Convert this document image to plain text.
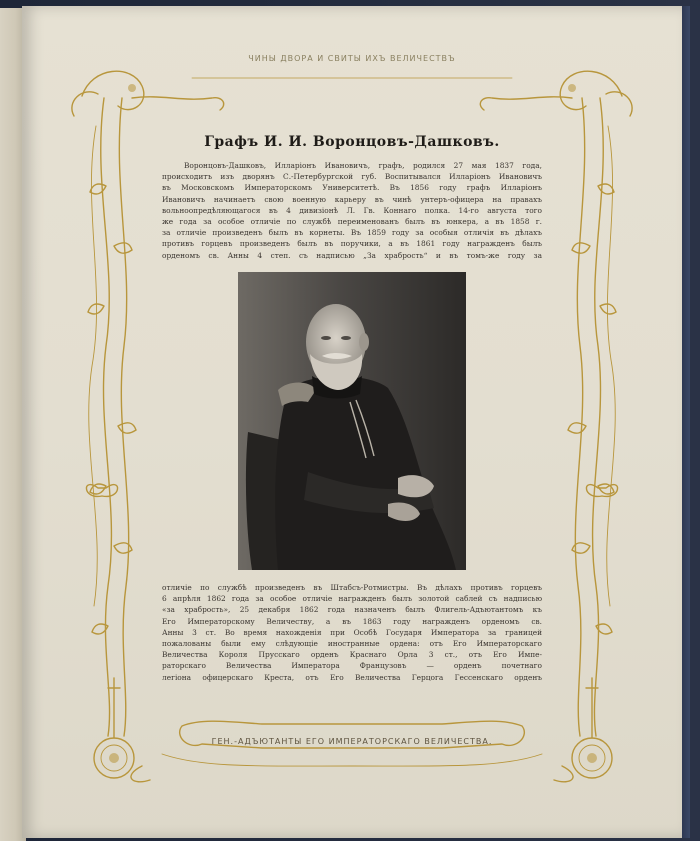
ЧИНЫ ДВОРА И СВИТЫ ИХЪ ВЕЛИЧЕСТВЪ
Графъ И. И. Воронцовъ-Дашковъ.

Воронцовъ-Дашковъ, Илларіонъ Ивановичъ, графъ, родился 27 мая 1837 года,

происходитъ изъ дворянъ С.-Петербургской губ. Воспитывался Илларіонъ Ивановичъ

въ Московскомъ Императорскомъ Университетѣ. Въ 1856 году графъ Илларіонъ

Ивановичъ начинаетъ свою военную карьеру въ чинѣ унтеръ-офицера на правахъ

вольноопредѣляющагося въ 4 дивизіонѣ Л. Гв. Коннаго полка. 14-го августа того

же года за особое отличіе по службѣ переименованъ былъ въ юнкера, а въ 1858 г.

за отличіе произведенъ былъ въ корнеты. Въ 1859 году за особыя отличія въ дѣлахъ

противъ горцевъ произведенъ былъ въ поручики, а въ 1861 году награжденъ былъ

орденомъ св. Анны 4 степ. съ надписью „За храбрость“ и въ томъ-же году за

отличіе по службѣ произведенъ въ Штабсъ-Ротмистры. Въ дѣлахъ противъ горцевъ

6 апрѣля 1862 года за особое отличіе награжденъ былъ золотой саблей съ надписью

«за храбрость», 25 декабря 1862 года назначенъ былъ Флигель-Адъютантомъ къ

Его Императорскому Величеству, а въ 1863 году награжденъ орденомъ св.

Анны 3 ст. Во время нахожденія при Особѣ Государя Императора за границей

пожалованы были ему слѣдующіе иностранные ордена: отъ Его Императорскаго

Величества Короля Прусскаго орденъ Краснаго Орла 3 ст., отъ Его Импе-

раторскаго Величества Императора Французовъ — орденъ почетнаго

легіона офицерскаго Креста, отъ Его Величества Герцога Гессенскаго орденъ

ГЕН.-АДЪЮТАНТЫ ЕГО ИМПЕРАТОРСКАГО ВЕЛИЧЕСТВА.
